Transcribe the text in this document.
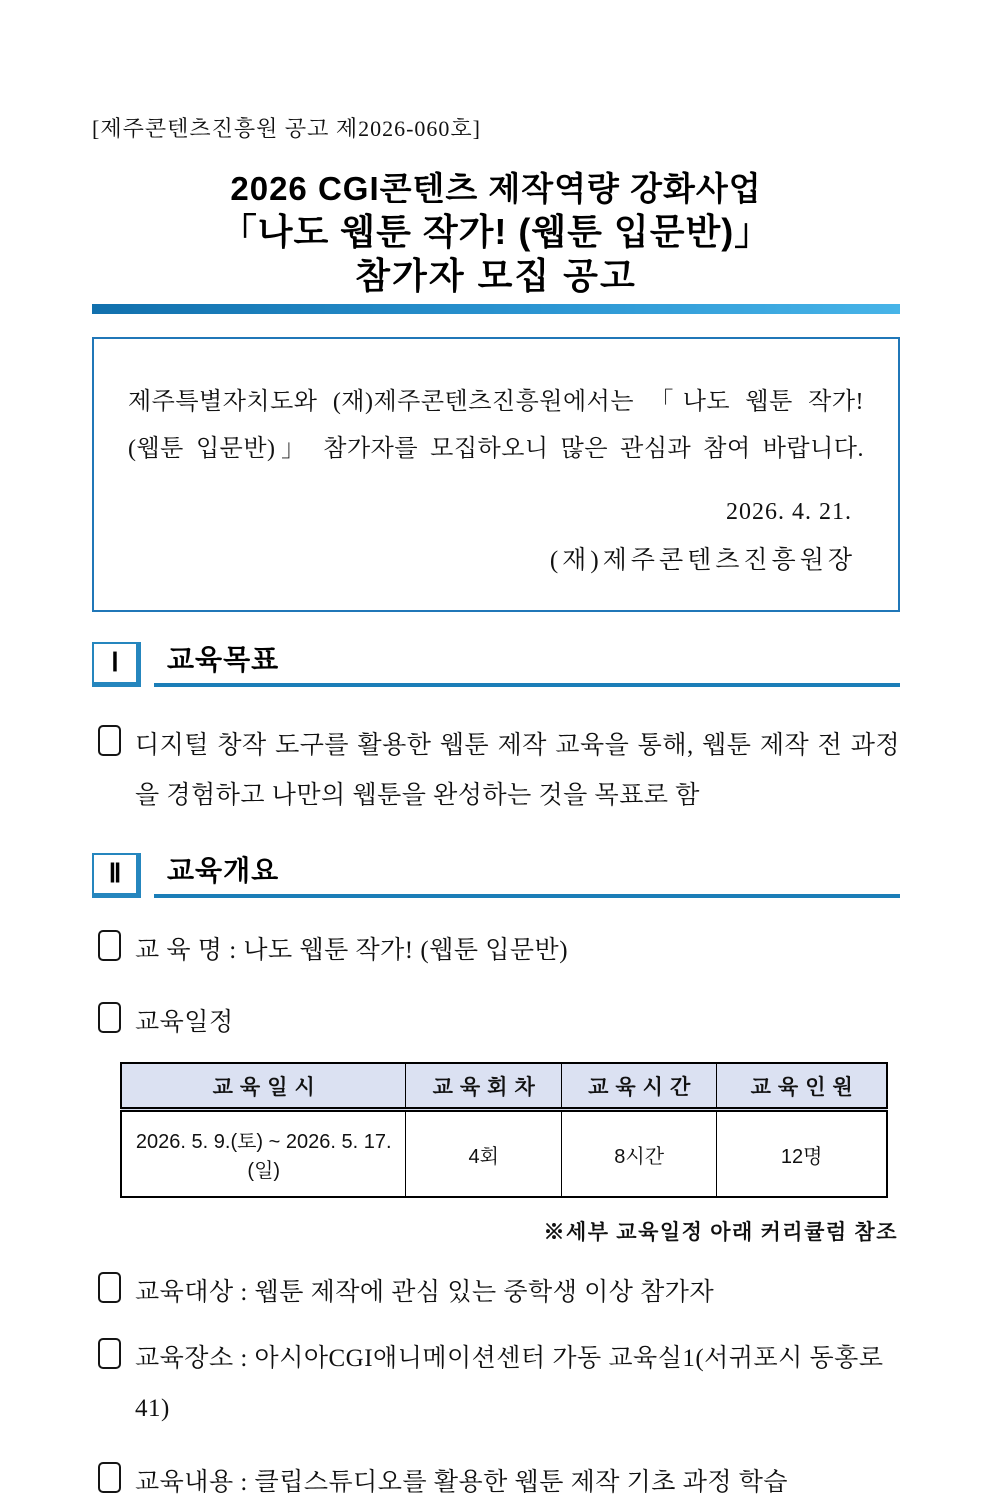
[제주콘텐츠진흥원 공고 제2026-060호]
2026 CGI콘텐츠 제작역량 강화사업
「나도 웹툰 작가! (웹툰 입문반)」
참가자 모집 공고
제주특별자치도와 (재)제주콘텐츠진흥원에서는 「나도 웹툰 작가!
(웹툰 입문반)」 참가자를 모집하오니 많은 관심과 참여 바랍니다.
2026. 4. 21.
(재)제주콘텐츠진흥원장
Ⅰ	교육목표
디지털 창작 도구를 활용한 웹툰 제작 교육을 통해, 웹툰 제작 전 과정을 경험하고 나만의 웹툰을 완성하는 것을 목표로 함
Ⅱ	교육개요
교 육 명 : 나도 웹툰 작가! (웹툰 입문반)
교육일정
교육일시	교육회차	교육시간	교육인원
2026. 5. 9.(토) ~ 2026. 5. 17.(일)	4회	8시간	12명
※세부 교육일정 아래 커리큘럼 참조
교육대상 : 웹툰 제작에 관심 있는 중학생 이상 참가자
교육장소 : 아시아CGI애니메이션센터 가동 교육실1(서귀포시 동홍로 41)
교육내용 : 클립스튜디오를 활용한 웹툰 제작 기초 과정 학습
